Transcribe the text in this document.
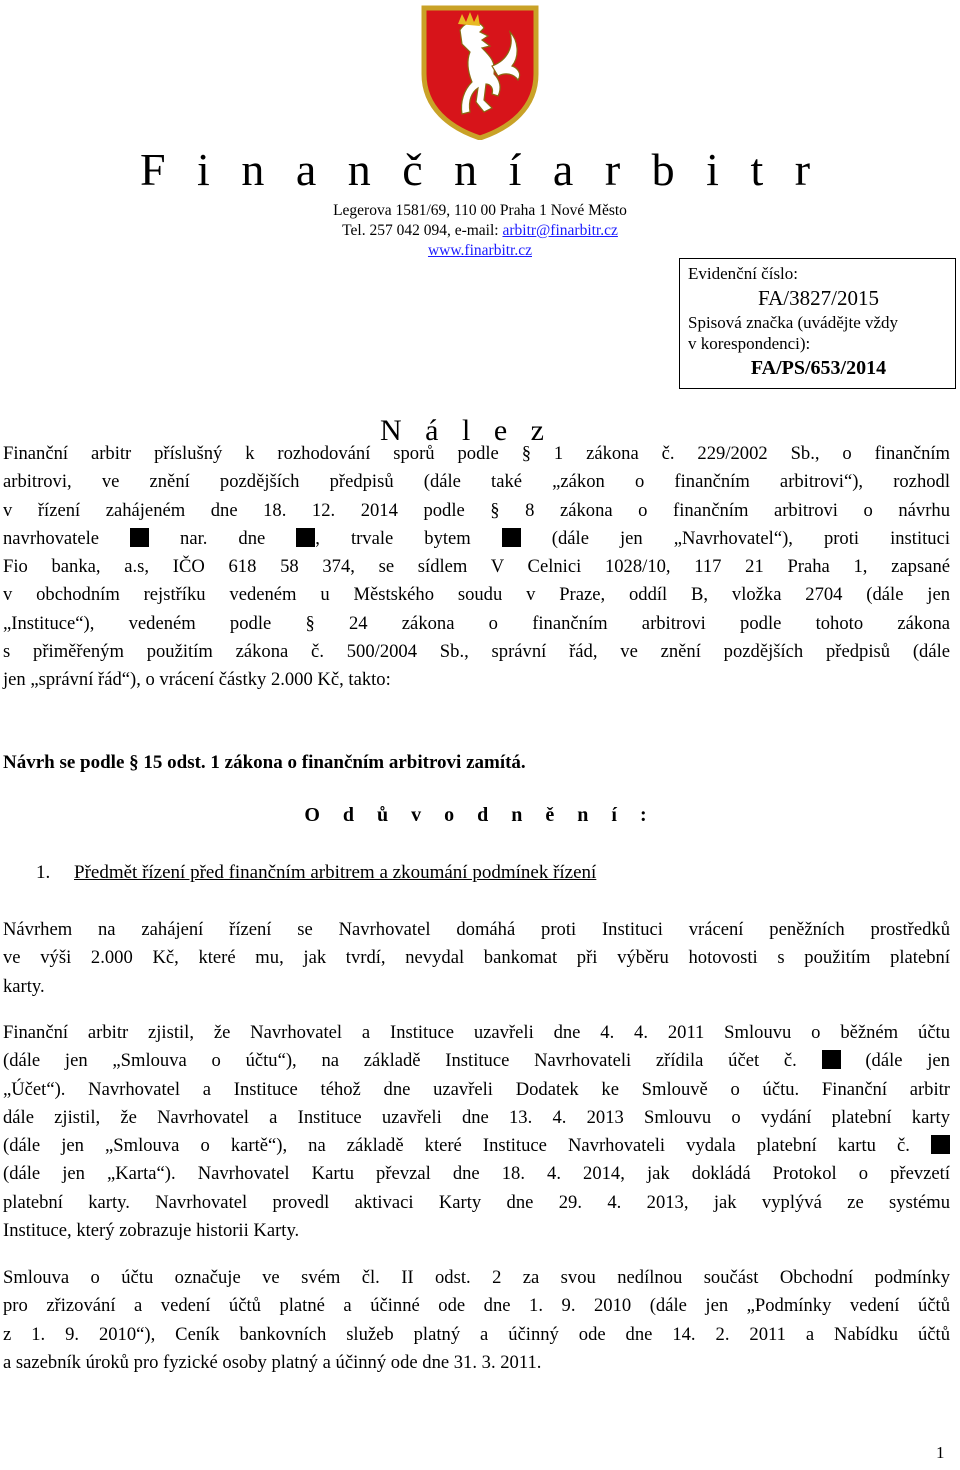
F i n a n č n í a r b i t r
Legerova 1581/69, 110 00 Praha 1 Nové Město
Tel. 257 042 094, e-mail: arbitr@finarbitr.cz
www.finarbitr.cz
Evidenční číslo:
FA/3827/2015
Spisová značka (uvádějte vždy
v korespondenci):
FA/PS/653/2014
N á l e z
Finanční arbitr příslušný k rozhodování sporů podle § 1 zákona č. 229/2002 Sb., o finančním
arbitrovi, ve znění pozdějších předpisů (dále také „zákon o finančním arbitrovi“), rozhodl
v řízení zahájeném dne 18. 12. 2014 podle § 8 zákona o finančním arbitrovi o návrhu
navrhovatele  nar. dne , trvale bytem  (dále jen „Navrhovatel“), proti instituci
Fio banka, a.s, IČO 618 58 374, se sídlem V Celnici 1028/10, 117 21 Praha 1, zapsané
v obchodním rejstříku vedeném u Městského soudu v Praze, oddíl B, vložka 2704 (dále jen
„Instituce“), vedeném podle § 24 zákona o finančním arbitrovi podle tohoto zákona
s přiměřeným použitím zákona č. 500/2004 Sb., správní řád, ve znění pozdějších předpisů (dále
jen „správní řád“), o vrácení částky 2.000 Kč, takto:
Návrh se podle § 15 odst. 1 zákona o finančním arbitrovi zamítá.
O d ů v o d n ě n í :
1. Předmět řízení před finančním arbitrem a zkoumání podmínek řízení
Návrhem na zahájení řízení se Navrhovatel domáhá proti Instituci vrácení peněžních prostředků
ve výši 2.000 Kč, které mu, jak tvrdí, nevydal bankomat při výběru hotovosti s použitím platební
karty.
Finanční arbitr zjistil, že Navrhovatel a Instituce uzavřeli dne 4. 4. 2011 Smlouvu o běžném účtu
(dále jen „Smlouva o účtu“), na základě Instituce Navrhovateli zřídila účet č.  (dále jen
„Účet“). Navrhovatel a Instituce téhož dne uzavřeli Dodatek ke Smlouvě o účtu. Finanční arbitr
dále zjistil, že Navrhovatel a Instituce uzavřeli dne 13. 4. 2013 Smlouvu o vydání platební karty
(dále jen „Smlouva o kartě“), na základě které Instituce Navrhovateli vydala platební kartu č.
(dále jen „Karta“). Navrhovatel Kartu převzal dne 18. 4. 2014, jak dokládá Protokol o převzetí
platební karty. Navrhovatel provedl aktivaci Karty dne 29. 4. 2013, jak vyplývá ze systému
Instituce, který zobrazuje historii Karty.
Smlouva o účtu označuje ve svém čl. II odst. 2 za svou nedílnou součást Obchodní podmínky
pro zřizování a vedení účtů platné a účinné ode dne 1. 9. 2010 (dále jen „Podmínky vedení účtů
z 1. 9. 2010“), Ceník bankovních služeb platný a účinný ode dne 14. 2. 2011 a Nabídku účtů
a sazebník úroků pro fyzické osoby platný a účinný ode dne 31. 3. 2011.
1
